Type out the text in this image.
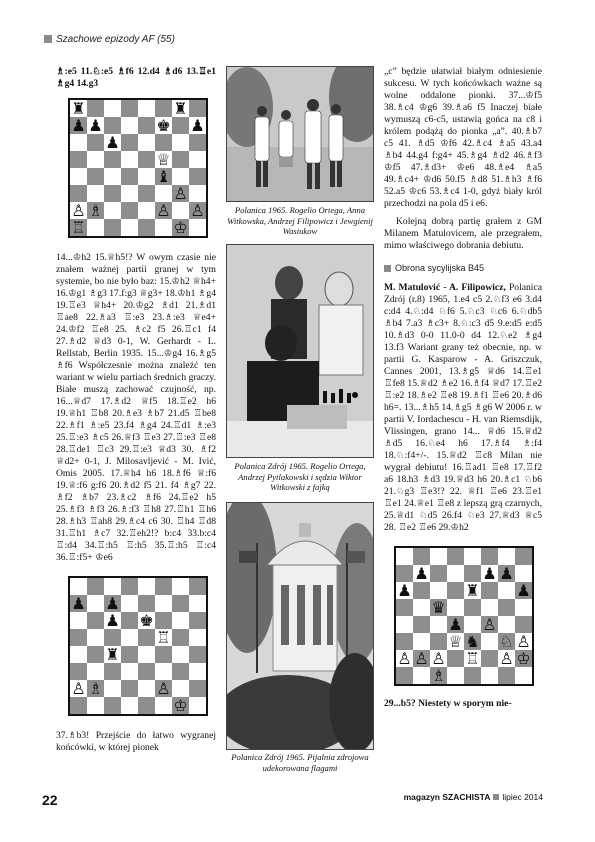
Szachowe epizody AF (55)

♗:e5 11.♘:e5 ♗f6 12.d4 ♗d6 13.♖e1 ♗g4 14.g3

♜	♜
♟ ♟	♚ ♟
♟
♕
♝
♙
♙ ♗	♙ ♙
♖	♔

14...♔h2 15.♕h5!? W owym czasie nie znałem ważnej partii granej w tym systemie, bo nie było baz: 15.♔h2 ♕h4+ 16.♔g1 ♗g3 17.f:g3 ♕g3+ 18.♔h1 ♗g4 19.♖e3 ♕h4+ 20.♔g2 ♗d1 21.♗d1 ♖ae8 22.♗a3 ♖:e3 23.♗:e3 ♕e4+ 24.♔f2 ♖e8 25. ♗c2 f5 26.♖c1 f4 27.♗d2 ♕d3 0-1, W. Gerhardt - L. Rellstab, Berlin 1935. 15...♔g4 16.♗g5 ♗f6 Współczesnie można znaleźć ten wariant w wielu partiach średnich graczy. Białe muszą zachować czujność, np. 16...♕d7 17.♗d2 ♕f5 18.♖e2 h6 19.♕h1 ♖b8 20.♗e3 ♗b7 21.d5 ♖be8 22.♗f1 ♗:e5 23.f4 ♗g4 24.♖d1 ♗:e3 25.♖:e3 ♗c5 26.♕f3 ♖e3 27.♖:e3 ♖e8 28.♖de1 ♖c3 29.♖:e3 ♕d3 30. ♗f2 ♕d2+ 0-1, J. Milosavljević - M. Ivić, Omis 2005. 17.♕h4 h6 18.♗f6 ♕:f6 19.♕:f6 g:f6 20.♗d2 f5 21. f4 ♗g7 22. ♗f2 ♗b7 23.♗c2 ♗f6 24.♖e2 h5 25.♗f3 ♗f3 26.♗:f3 ♖h8 27.♖h1 ♖h6 28.♗h3 ♖ah8 29.♗c4 c6 30. ♖h4 ♖d8 31.♖h1 ♗c7 32.♖eh2!? b:c4 33.b:c4 ♖:d4 34.♖:h5 ♖:h5 35.♖:h5 ♖:c4 36.♖:f5+ ♔e6

♟ ♟
♟ ♚
♖
♜
♙ ♗	♙
♔

37.♗b3! Przejście do łatwo wygranej końcówki, w której pionek

Polanica 1965. Rogelio Ortega, Anna Witkowska, Andrzej Filipowicz i Jewgienij Wasiukow
Polanica Zdrój 1965. Rogelio Ortega, Andrzej Pytlakowski i sędzia Wiktor Witkowski z fajką
Polanica Zdrój 1965. Pijalnia zdrojowa udekorowana flagami

„c” będzie ułatwiał białym odniesienie sukcesu. W tych końcówkach ważne są wolne oddalone pionki. 37...♔f5 38.♗c4 ♔g6 39.♗a6 f5 Inaczej białe wymuszą c6-c5, ustawią gońca na c8 i królem podążą do pionka „a”. 40.♗b7 c5 41. ♗d5 ♔f6 42.♗c4 ♗a5 43.a4 ♗b4 44.g4 f:g4+ 45.♗g4 ♗d2 46.♗f3 ♔f5 47.♗d3+ ♔e6 48.♗e4 ♗a5 49.♗c4+ ♔d6 50.f5 ♗d8 51.♗h3 ♗f6 52.a5 ♔c6 53.♗c4 1-0, gdyż biały król przechodzi na pola d5 i e6.

Kolejną dobrą partię grałem z GM Milanem Matulovicem, ale przegrałem, mimo właściwego dobrania debiutu.

Obrona sycylijska B45

M. Matulović - A. Filipowicz, Polanica Zdrój (r.8) 1965, 1.e4 c5 2.♘f3 e6 3.d4 c:d4 4.♘:d4 ♘f6 5.♘c3 ♘c6 6.♘db5 ♗b4 7.a3 ♗c3+ 8.♘:c3 d5 9.e:d5 e:d5 10.♗d3 0-0 11.0-0 d4 12.♘e2 ♗g4 13.f3 Wariant grany też obecnie, np. w partii G. Kasparow - A. Griszczuk, Cannes 2001, 13.♗g5 ♕d6 14.♖e1 ♖fe8 15.♕d2 ♗e2 16.♗f4 ♕d7 17.♖e2 ♖:e2 18.♗e2 ♖e8 19.♗f1 ♖e6 20.♗d6 h6=. 13...♗h5 14.♗g5 ♗g6 W 2006 r. w partii V. Iordachescu - H. van Riemsdijk, Vlissingen, grano 14... ♕d6 15.♕d2 ♗d5 16.♘e4 h6 17.♗f4 ♗:f4 18.♘:f4+/-. 15.♕d2 ♖c8 Milan nie wygrał debiutu! 16.♖ad1 ♖e8 17.♖f2 a6 18.h3 ♗d3 19.♕d3 h6 20.♗c1 ♘b6 21.♘g3 ♖e3!? 22. ♕f1 ♖e6 23.♖e1 ♖e1 24.♕e1 ♖e8 z lepszą grą czarnych, 25.♕d1 ♘d5 26.f4 ♘e3 27.♕d3 ♕c5 28. ♖e2 ♖e6 29.♔h2

♟	♟ ♟
♟	♜ ♟
♛
♟ ♙
♕ ♞ ♘ ♙
♙ ♙ ♙ ♖ ♙ ♔
♗

29...b5? Niestety w sporym nie-

22	magazyn SZACHISTA lipiec 2014
